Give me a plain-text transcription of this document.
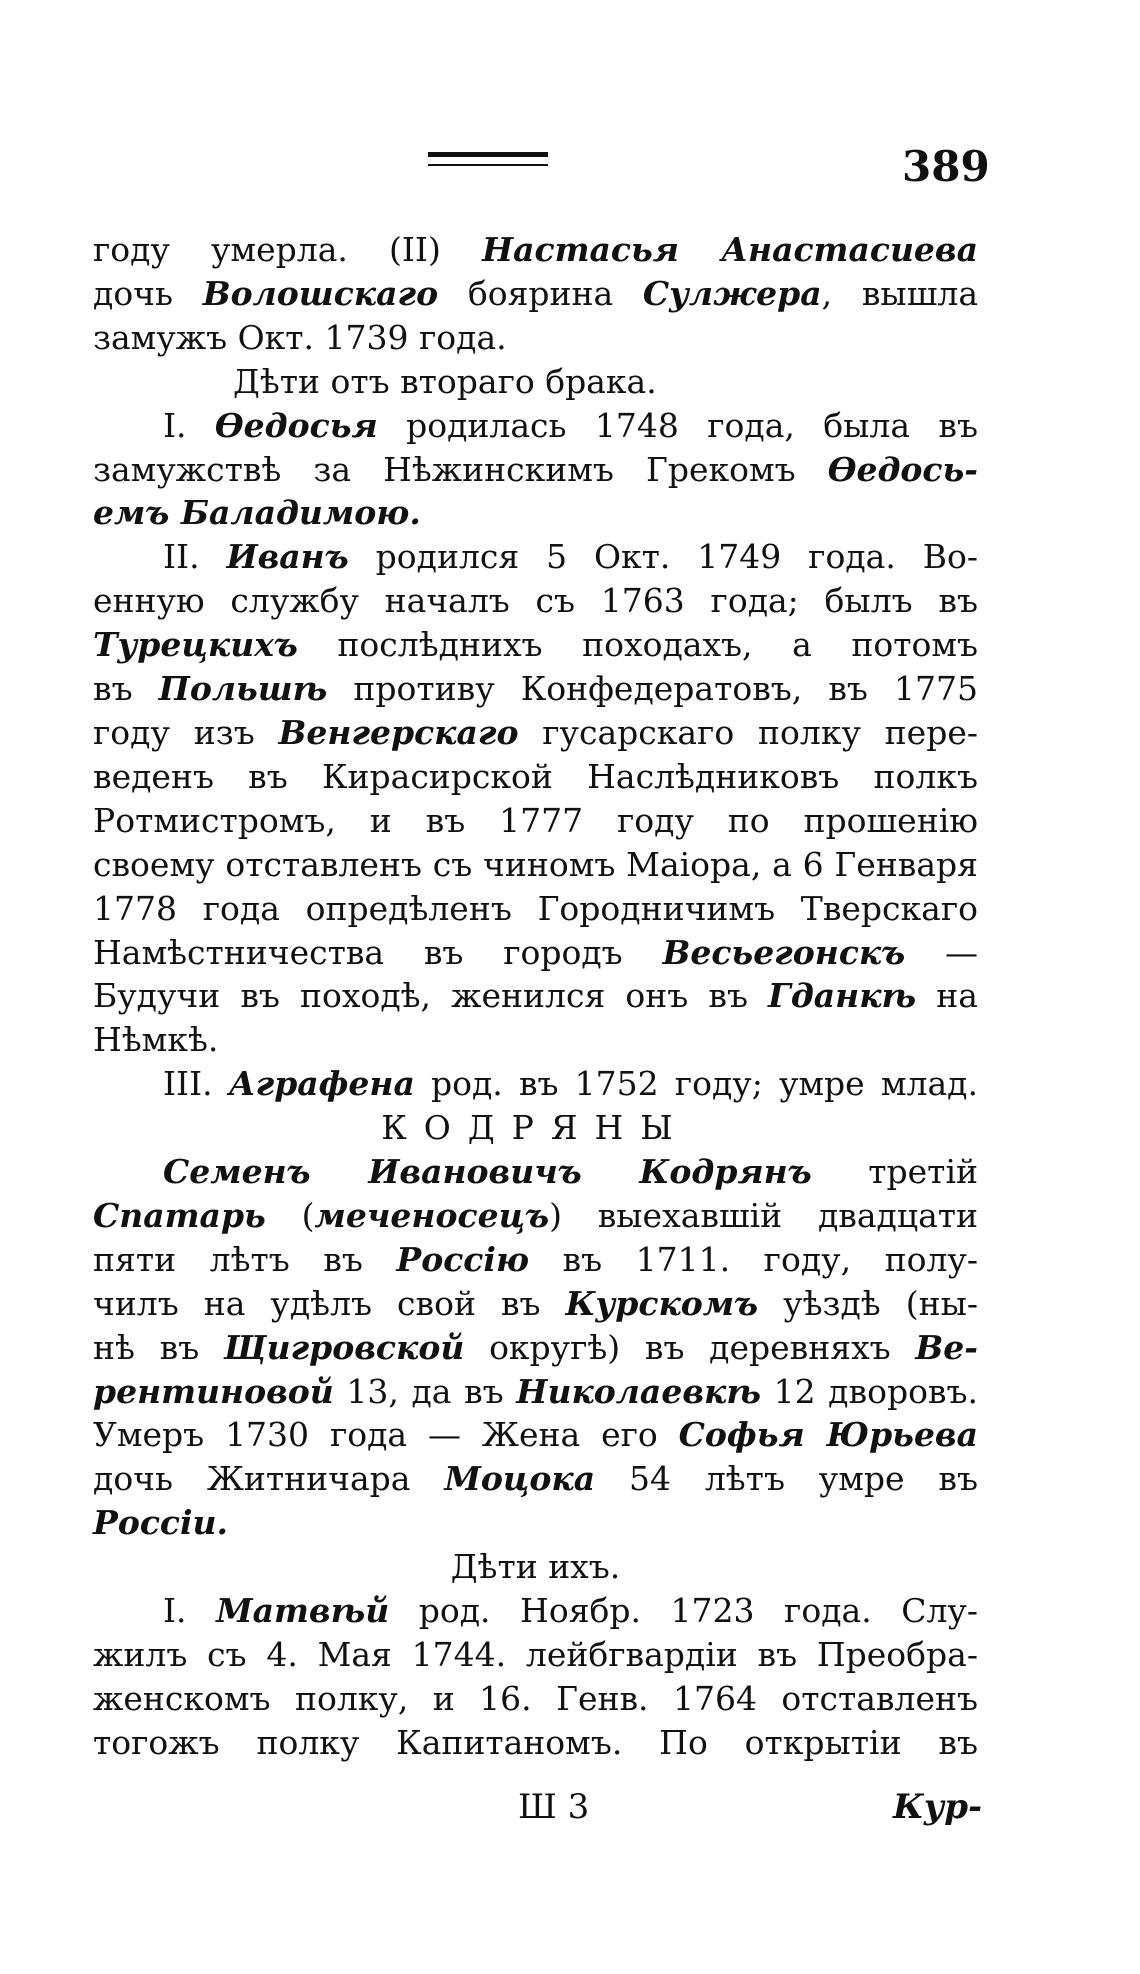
389
году умерла. (II) Настасья Анастасиева
дочь Волошскаго боярина Сулжера, вышла
замужъ Окт. 1739 года.
Дѣти отъ втораго брака.
I. Ѳедосья родилась 1748 года, была въ
замужствѣ за Нѣжинскимъ Грекомъ Ѳедось-
емъ Баладимою.
II. Иванъ родился 5 Окт. 1749 года. Во-
енную службу началъ съ 1763 года; былъ въ
Турецкихъ послѣднихъ походахъ, а потомъ
въ Польшѣ противу Конфедератовъ, въ 1775
году изъ Венгерскаго гусарскаго полку пере-
веденъ въ Кирасирской Наслѣдниковъ полкъ
Ротмистромъ, и въ 1777 году по прошенію
своему отставленъ съ чиномъ Маіора, а 6 Генваря
1778 года опредѣленъ Городничимъ Тверскаго
Намѣстничества въ городъ Весьегонскъ —
Будучи въ походѣ, женился онъ въ Гданкѣ на
Нѣмкѣ.
III. Аграфена род. въ 1752 году; умре млад.
КОДРЯНЫ
Семенъ Ивановичъ Кодрянъ третій
Спатарь (меченосецъ) выехавшій двадцати
пяти лѣтъ въ Россію въ 1711. году, полу-
чилъ на удѣлъ свой въ Курскомъ уѣздѣ (ны-
нѣ въ Щигровской округѣ) въ деревняхъ Ве-
рентиновой 13, да въ Николаевкѣ 12 дворовъ.
Умеръ 1730 года — Жена его Софья Юрьева
дочь Житничара Моцока 54 лѣтъ умре въ
Россіи.
Дѣти ихъ.
I. Матвѣй род. Ноябр. 1723 года. Слу-
жилъ съ 4. Мая 1744. лейбгвардіи въ Преобра-
женскомъ полку, и 16. Генв. 1764 отставленъ
тогожъ полку Капитаномъ. По открытіи въ
Ш 3	Кур-
